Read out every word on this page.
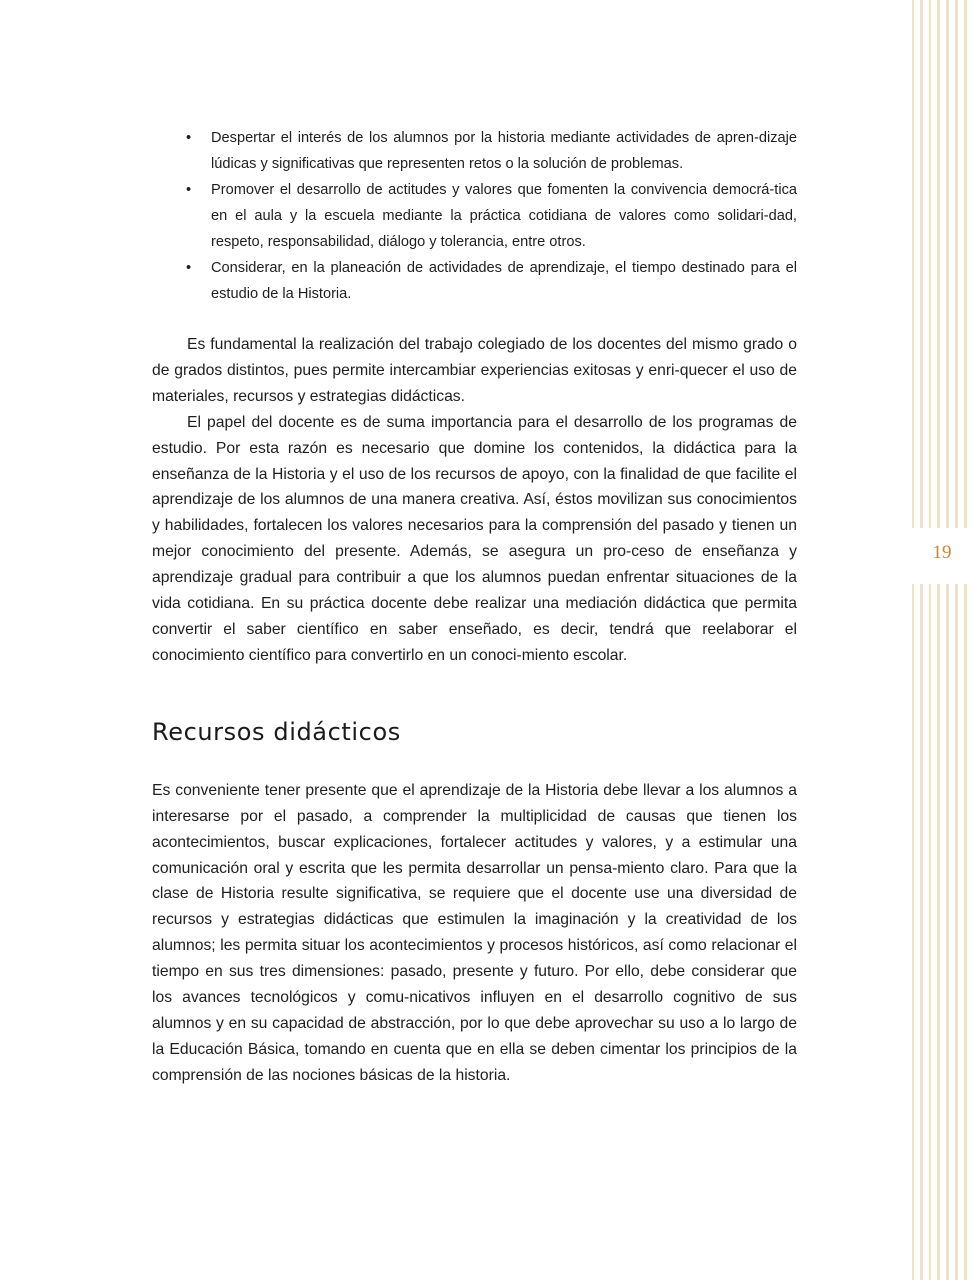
19
• Despertar el interés de los alumnos por la historia mediante actividades de apren-dizaje lúdicas y significativas que representen retos o la solución de problemas.
• Promover el desarrollo de actitudes y valores que fomenten la convivencia democrá-tica en el aula y la escuela mediante la práctica cotidiana de valores como solidari-dad, respeto, responsabilidad, diálogo y tolerancia, entre otros.
• Considerar, en la planeación de actividades de aprendizaje, el tiempo destinado para el estudio de la Historia.

Es fundamental la realización del trabajo colegiado de los docentes del mismo grado o de grados distintos, pues permite intercambiar experiencias exitosas y enri-quecer el uso de materiales, recursos y estrategias didácticas.

El papel del docente es de suma importancia para el desarrollo de los programas de estudio. Por esta razón es necesario que domine los contenidos, la didáctica para la enseñanza de la Historia y el uso de los recursos de apoyo, con la finalidad de que facilite el aprendizaje de los alumnos de una manera creativa. Así, éstos movilizan sus conocimientos y habilidades, fortalecen los valores necesarios para la comprensión del pasado y tienen un mejor conocimiento del presente. Además, se asegura un pro-ceso de enseñanza y aprendizaje gradual para contribuir a que los alumnos puedan enfrentar situaciones de la vida cotidiana. En su práctica docente debe realizar una mediación didáctica que permita convertir el saber científico en saber enseñado, es decir, tendrá que reelaborar el conocimiento científico para convertirlo en un conoci-miento escolar.

Recursos didácticos

Es conveniente tener presente que el aprendizaje de la Historia debe llevar a los alumnos a interesarse por el pasado, a comprender la multiplicidad de causas que tienen los acontecimientos, buscar explicaciones, fortalecer actitudes y valores, y a estimular una comunicación oral y escrita que les permita desarrollar un pensa-miento claro. Para que la clase de Historia resulte significativa, se requiere que el docente use una diversidad de recursos y estrategias didácticas que estimulen la imaginación y la creatividad de los alumnos; les permita situar los acontecimientos y procesos históricos, así como relacionar el tiempo en sus tres dimensiones: pasado, presente y futuro. Por ello, debe considerar que los avances tecnológicos y comu-nicativos influyen en el desarrollo cognitivo de sus alumnos y en su capacidad de abstracción, por lo que debe aprovechar su uso a lo largo de la Educación Básica, tomando en cuenta que en ella se deben cimentar los principios de la comprensión de las nociones básicas de la historia.
